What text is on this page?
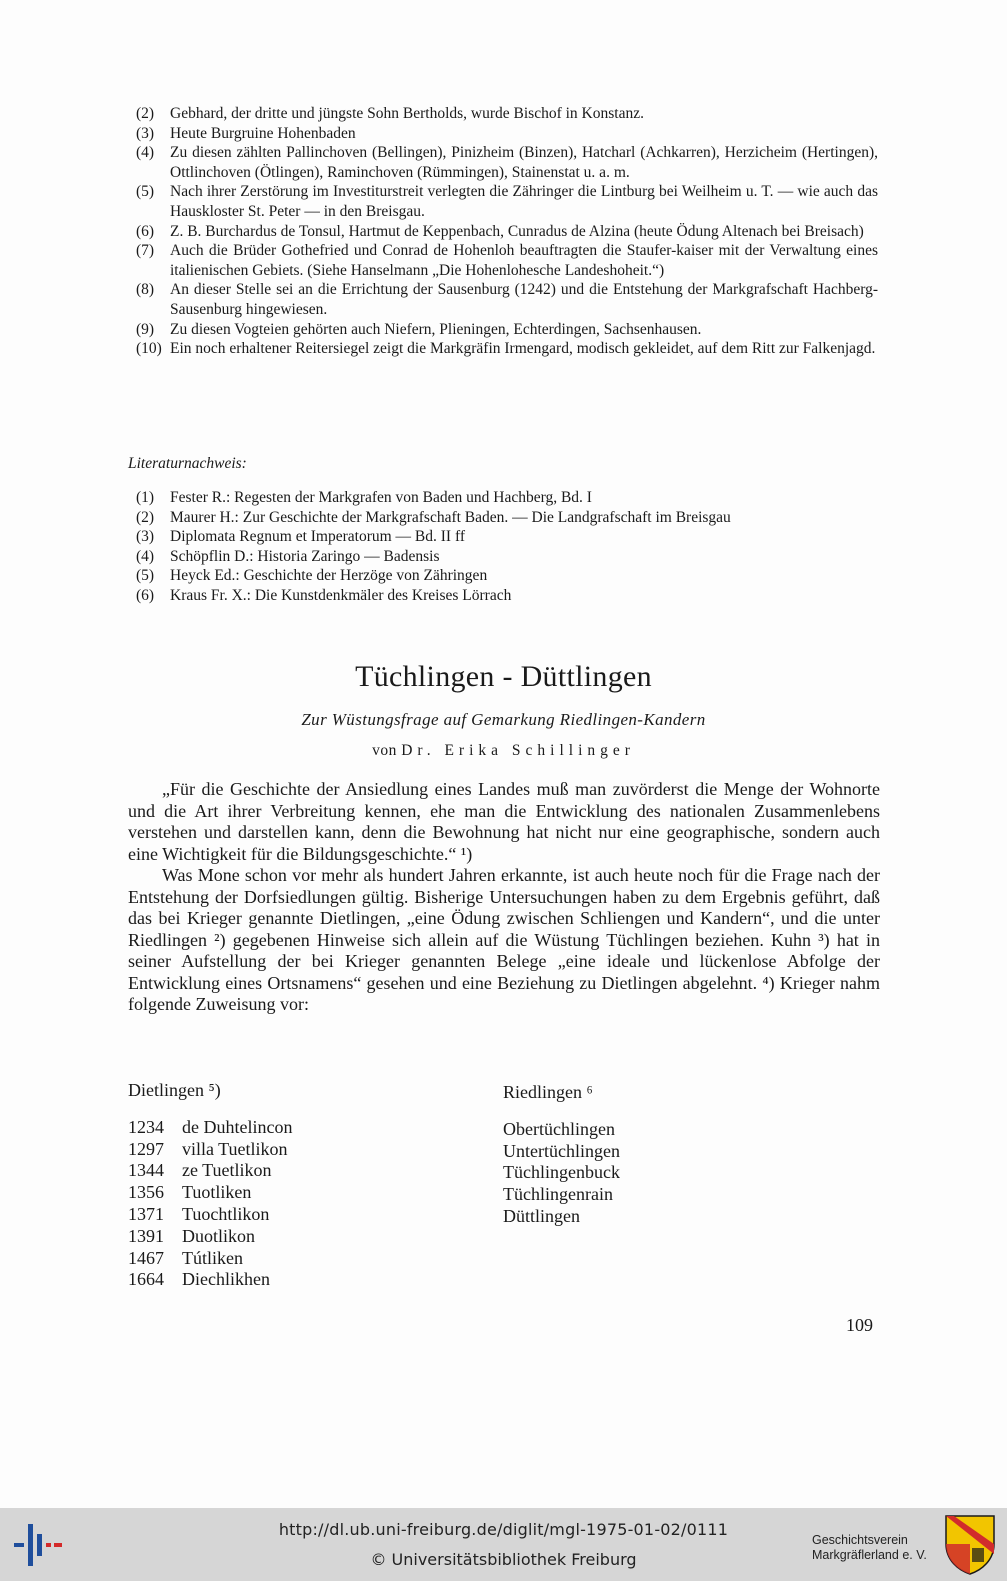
(2)	Gebhard, der dritte und jüngste Sohn Bertholds, wurde Bischof in Konstanz.
(3)	Heute Burgruine Hohenbaden
(4)	Zu diesen zählten Pallinchoven (Bellingen), Pinizheim (Binzen), Hatcharl (Achkarren), Herzicheim (Hertingen), Ottlinchoven (Ötlingen), Raminchoven (Rümmingen), Stainenstat u. a. m.
(5)	Nach ihrer Zerstörung im Investiturstreit verlegten die Zähringer die Lintburg bei Weilheim u. T. — wie auch das Hauskloster St. Peter — in den Breisgau.
(6)	Z. B. Burchardus de Tonsul, Hartmut de Keppenbach, Cunradus de Alzina (heute Ödung Altenach bei Breisach)
(7)	Auch die Brüder Gothefried und Conrad de Hohenloh beauftragten die Staufer-kaiser mit der Verwaltung eines italienischen Gebiets. (Siehe Hanselmann „Die Hohenlohesche Landeshoheit.“)
(8)	An dieser Stelle sei an die Errichtung der Sausenburg (1242) und die Entstehung der Markgrafschaft Hachberg-Sausenburg hingewiesen.
(9)	Zu diesen Vogteien gehörten auch Niefern, Plieningen, Echterdingen, Sachsenhausen.
(10) Ein noch erhaltener Reitersiegel zeigt die Markgräfin Irmengard, modisch gekleidet, auf dem Ritt zur Falkenjagd.
Literaturnachweis:
(1)	Fester R.: Regesten der Markgrafen von Baden und Hachberg, Bd. I
(2)	Maurer H.: Zur Geschichte der Markgrafschaft Baden. — Die Landgrafschaft im Breisgau
(3)	Diplomata Regnum et Imperatorum — Bd. II ff
(4)	Schöpflin D.: Historia Zaringo — Badensis
(5)	Heyck Ed.: Geschichte der Herzöge von Zähringen
(6)	Kraus Fr. X.: Die Kunstdenkmäler des Kreises Lörrach
Tüchlingen - Düttlingen
Zur Wüstungsfrage auf Gemarkung Riedlingen-Kandern
von Dr. Erika Schillinger

„Für die Geschichte der Ansiedlung eines Landes muß man zuvörderst die Menge der Wohnorte und die Art ihrer Verbreitung kennen, ehe man die Entwicklung des nationalen Zusammenlebens verstehen und darstellen kann, denn die Bewohnung hat nicht nur eine geographische, sondern auch eine Wichtigkeit für die Bildungsgeschichte.“ ¹)

Was Mone schon vor mehr als hundert Jahren erkannte, ist auch heute noch für die Frage nach der Entstehung der Dorfsiedlungen gültig. Bisherige Untersuchungen haben zu dem Ergebnis geführt, daß das bei Krieger genannte Dietlingen, „eine Ödung zwischen Schliengen und Kandern“, und die unter Riedlingen ²) gegebenen Hinweise sich allein auf die Wüstung Tüchlingen beziehen. Kuhn ³) hat in seiner Aufstellung der bei Krieger genannten Belege „eine ideale und lückenlose Abfolge der Entwicklung eines Ortsnamens“ gesehen und eine Beziehung zu Dietlingen abgelehnt. ⁴) Krieger nahm folgende Zuweisung vor:

Dietlingen ⁵)
1234	de Duhtelincon
1297	villa Tuetlikon
1344	ze Tuetlikon
1356	Tuotliken
1371	Tuochtlikon
1391	Duotlikon
1467	Tútliken
1664	Diechlikhen
Riedlingen ⁶
Obertüchlingen
Untertüchlingen
Tüchlingenbuck
Tüchlingenrain
Düttlingen
109
http://dl.ub.uni-freiburg.de/diglit/mgl-1975-01-02/0111
© Universitätsbibliothek Freiburg
Geschichtsverein
Markgräflerland e. V.
